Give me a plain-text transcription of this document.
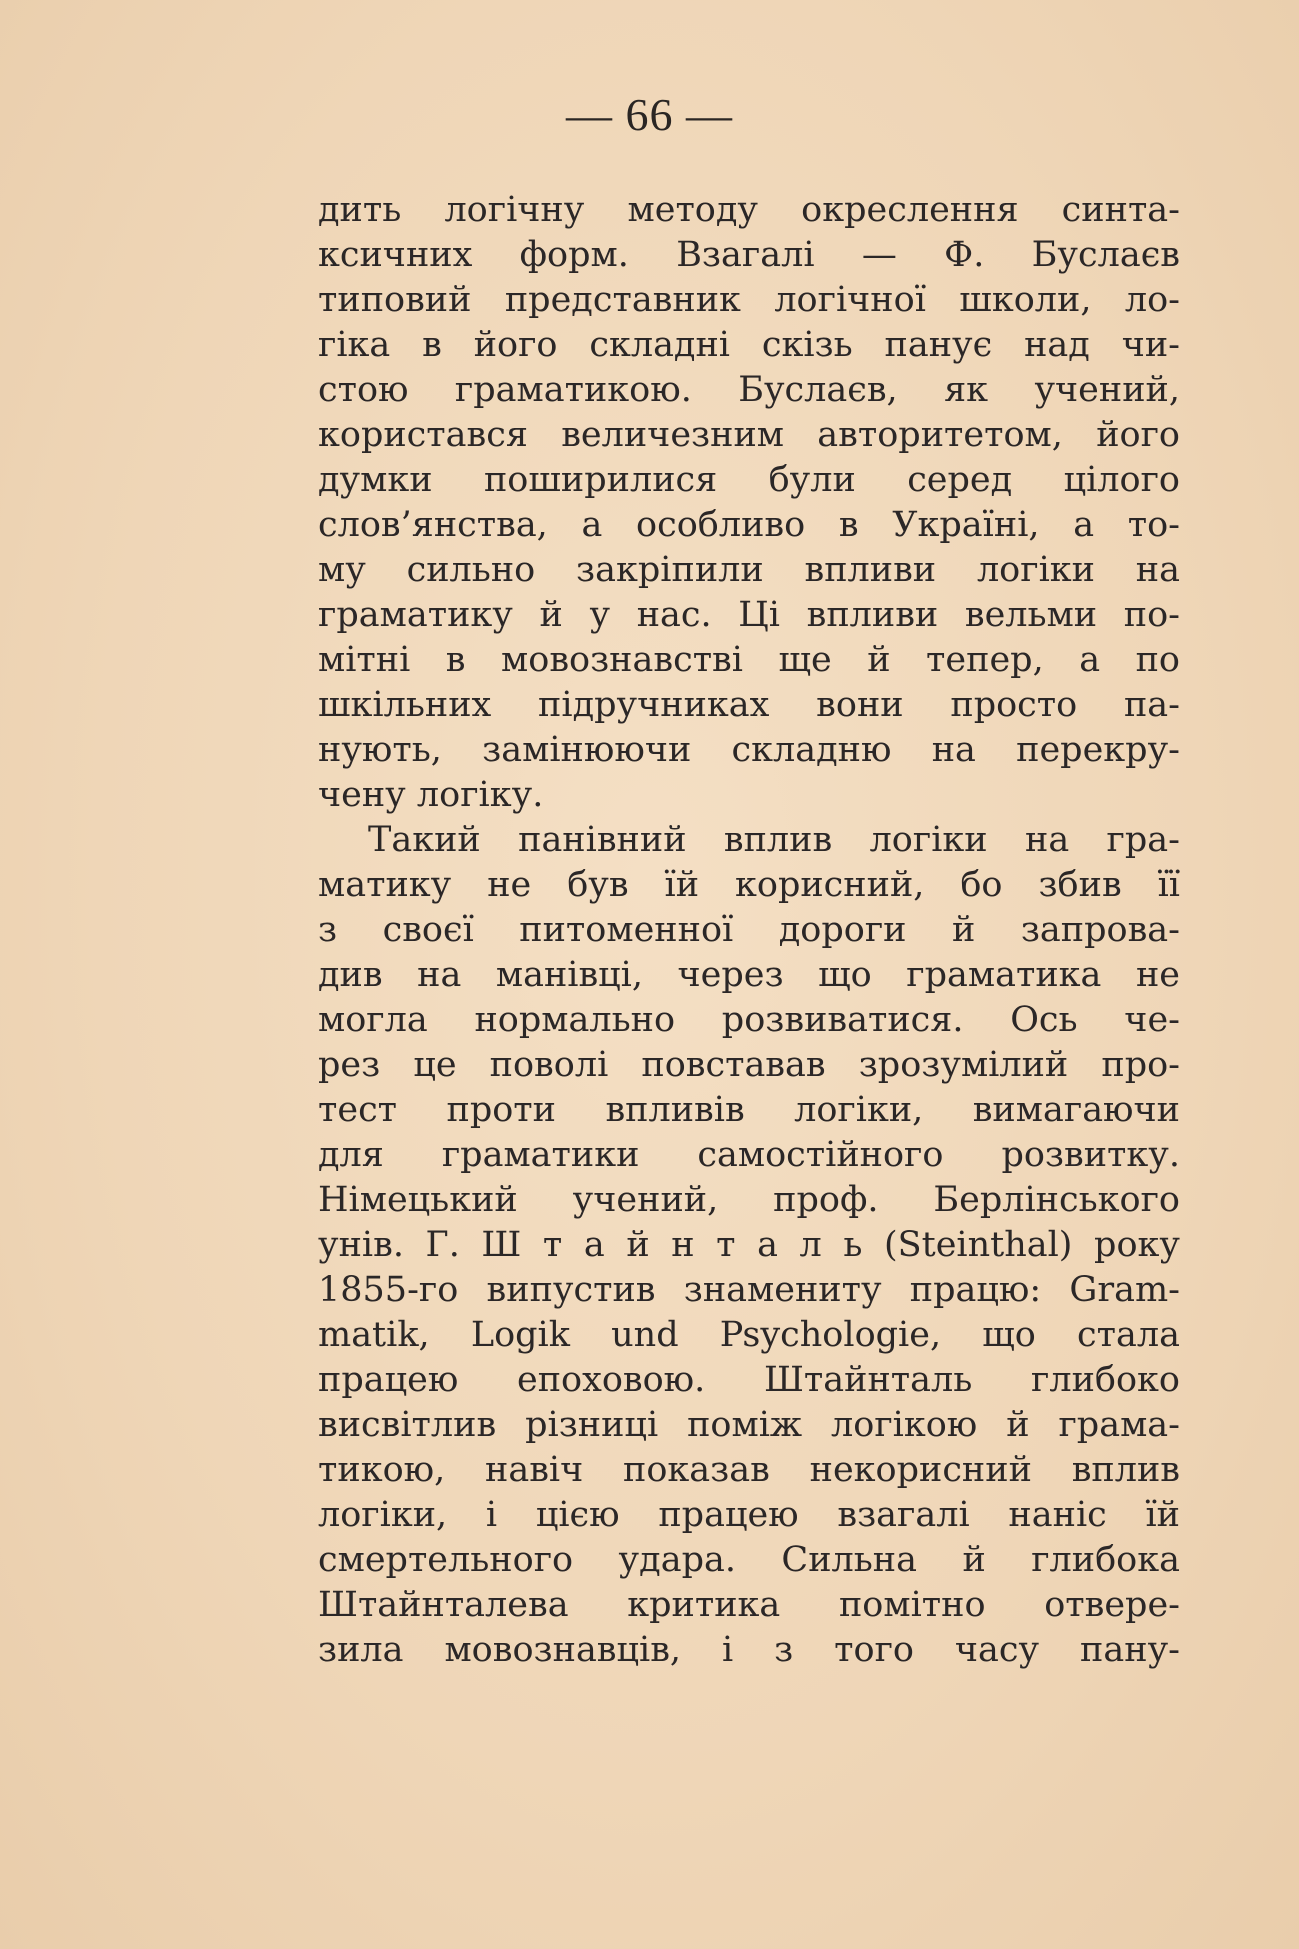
— 66 —
дить логічну методу окреслення синта-
ксичних форм. Взагалі — Ф. Буслаєв
типовий представник логічної школи, ло-
гіка в його складні скізь панує над чи-
стою граматикою. Буслаєв, як учений,
користався величезним авторитетом, його
думки поширилися були серед цілого
слов’янства, а особливо в Україні, а то-
му сильно закріпили впливи логіки на
граматику й у нас. Ці впливи вельми по-
мітні в мовознавстві ще й тепер, а по
шкільних підручниках вони просто па-
нують, замінюючи складню на перекру-
чену логіку.
Такий панівний вплив логіки на гра-
матику не був їй корисний, бо збив її
з своєї питоменної дороги й запрова-
див на манівці, через що граматика не
могла нормально розвиватися. Ось че-
рез це поволі повставав зрозумілий про-
тест проти впливів логіки, вимагаючи
для граматики самостійного розвитку.
Німецький учений, проф. Берлінського
унів. Г. Ш т а й н т а л ь (Steinthal) року
1855-го випустив знамениту працю: Gram-
matik, Logik und Psychologie, що стала
працею епоховою. Штайнталь глибоко
висвітлив різниці поміж логікою й грама-
тикою, навіч показав некорисний вплив
логіки, і цією працею взагалі наніс їй
смертельного удара. Сильна й глибока
Штайнталева критика помітно отвере-
зила мовознавців, і з того часу пану-
